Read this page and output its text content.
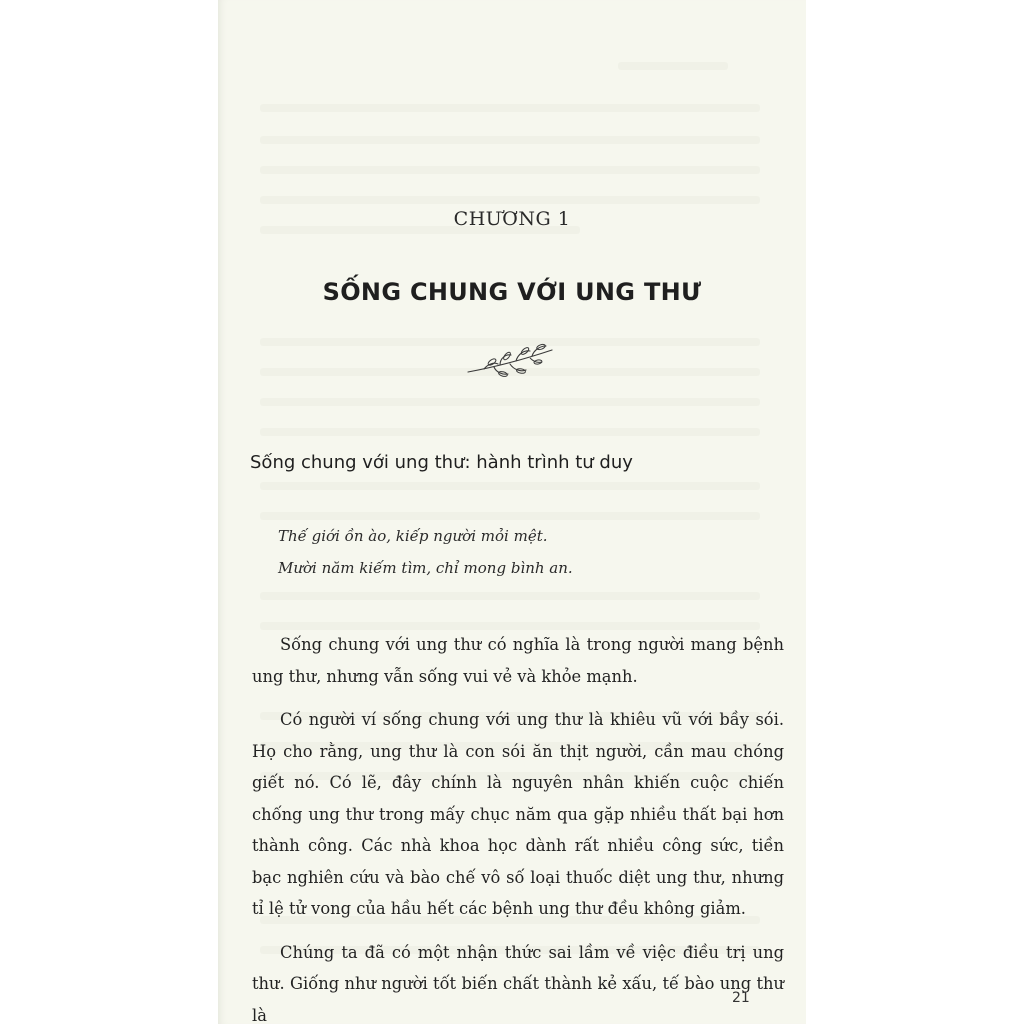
CHƯƠNG 1
SỐNG CHUNG VỚI UNG THƯ
Sống chung với ung thư: hành trình tư duy
Thế giới ồn ào, kiếp người mỏi mệt.
Mười năm kiếm tìm, chỉ mong bình an.

Sống chung với ung thư có nghĩa là trong người mang bệnh ung thư, nhưng vẫn sống vui vẻ và khỏe mạnh.

Có người ví sống chung với ung thư là khiêu vũ với bầy sói. Họ cho rằng, ung thư là con sói ăn thịt người, cần mau chóng giết nó. Có lẽ, đây chính là nguyên nhân khiến cuộc chiến chống ung thư trong mấy chục năm qua gặp nhiều thất bại hơn thành công. Các nhà khoa học dành rất nhiều công sức, tiền bạc nghiên cứu và bào chế vô số loại thuốc diệt ung thư, nhưng tỉ lệ tử vong của hầu hết các bệnh ung thư đều không giảm.

Chúng ta đã có một nhận thức sai lầm về việc điều trị ung thư. Giống như người tốt biến chất thành kẻ xấu, tế bào ung thư là

21
